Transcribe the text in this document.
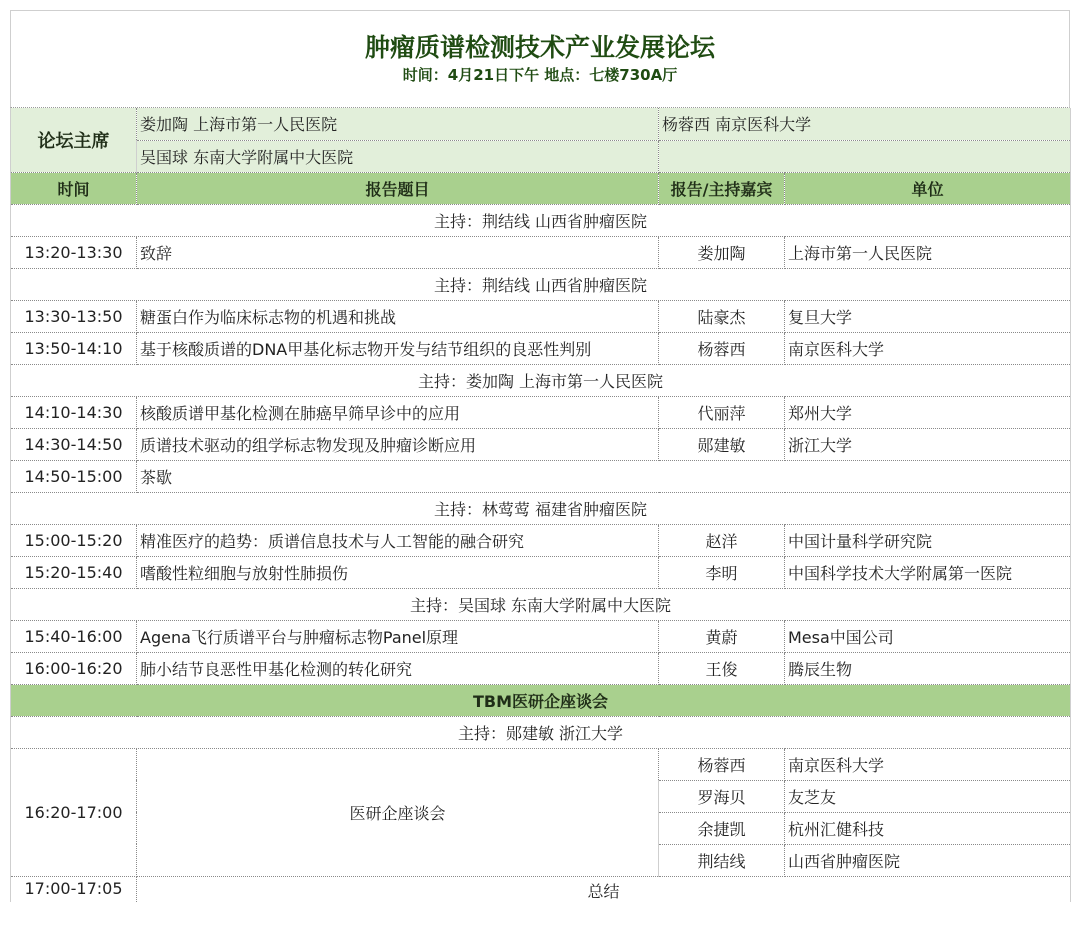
肿瘤质谱检测技术产业发展论坛
时间：4月21日下午 地点：七楼730A厅
论坛主席	娄加陶 上海市第一人民医院	杨蓉西 南京医科大学	
	吴国球 东南大学附属中大医院		
时间	报告题目	报告/主持嘉宾	单位
主持：荆结线 山西省肿瘤医院			
13:20-13:30	致辞	娄加陶	上海市第一人民医院
主持：荆结线 山西省肿瘤医院			
13:30-13:50	糖蛋白作为临床标志物的机遇和挑战	陆豪杰	复旦大学
13:50-14:10	基于核酸质谱的DNA甲基化标志物开发与结节组织的良恶性判别	杨蓉西	南京医科大学
主持：娄加陶 上海市第一人民医院			
14:10-14:30	核酸质谱甲基化检测在肺癌早筛早诊中的应用	代丽萍	郑州大学
14:30-14:50	质谱技术驱动的组学标志物发现及肿瘤诊断应用	郧建敏	浙江大学
14:50-15:00	茶歇		
主持：林莺莺 福建省肿瘤医院			
15:00-15:20	精准医疗的趋势：质谱信息技术与人工智能的融合研究	赵洋	中国计量科学研究院
15:20-15:40	嗜酸性粒细胞与放射性肺损伤	李明	中国科学技术大学附属第一医院
主持：吴国球 东南大学附属中大医院			
15:40-16:00	Agena飞行质谱平台与肿瘤标志物Panel原理	黄蔚	Mesa中国公司
16:00-16:20	肺小结节良恶性甲基化检测的转化研究	王俊	腾辰生物
TBM医研企座谈会			
主持：郧建敏 浙江大学			
16:20-17:00	医研企座谈会	杨蓉西	南京医科大学
		罗海贝	友芝友
		余捷凯	杭州汇健科技
		荆结线	山西省肿瘤医院
17:00-17:05	总结		
